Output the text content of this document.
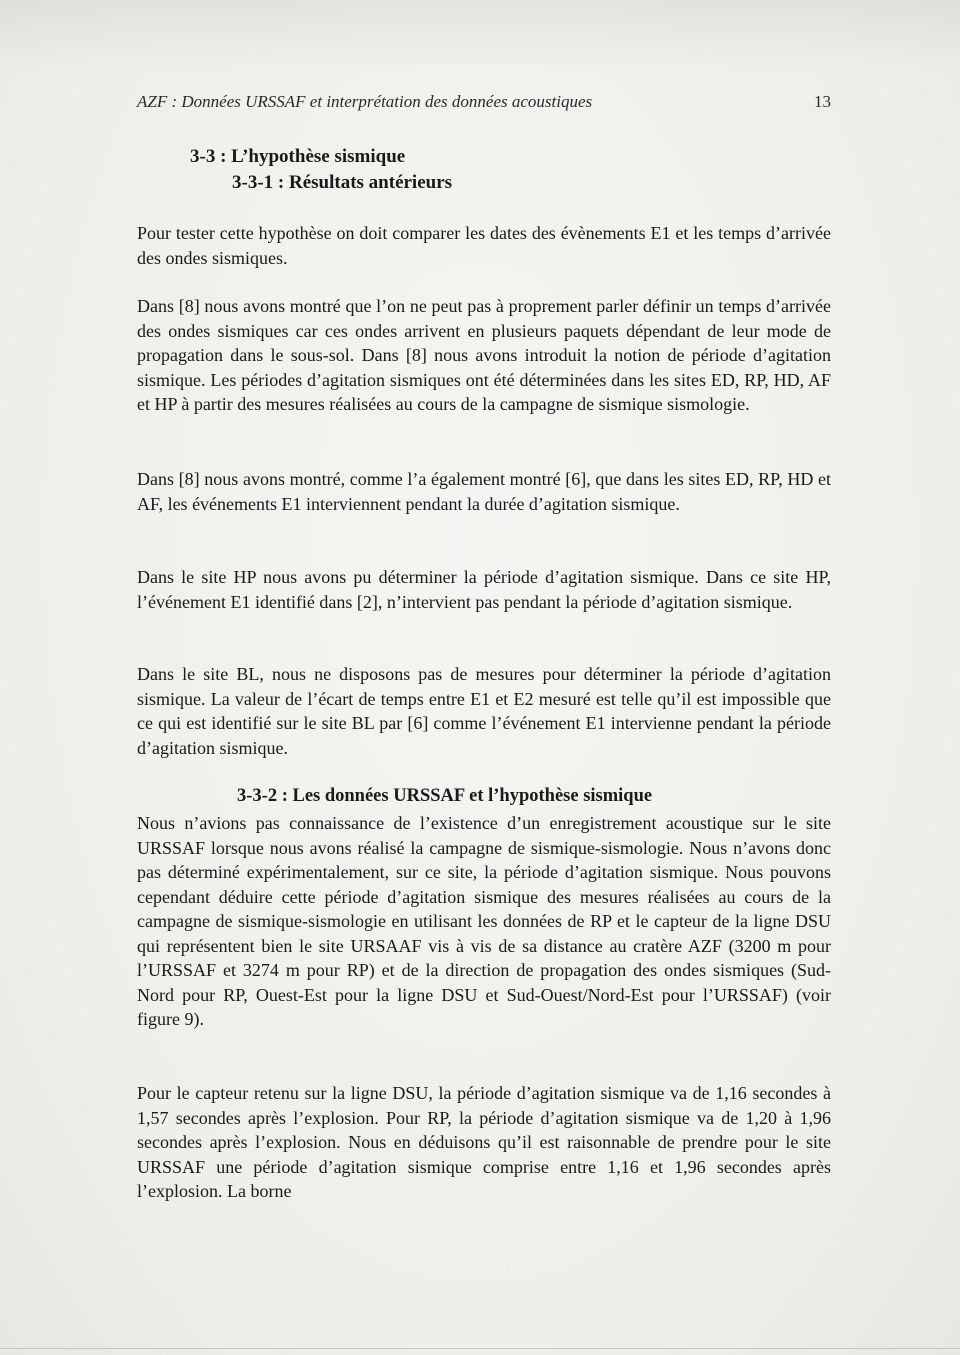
AZF : Données URSSAF et interprétation des données acoustiques	13
3-3 : L’hypothèse sismique
3-3-1 : Résultats antérieurs

Pour tester cette hypothèse on doit comparer les dates des évènements E1 et les temps d’arrivée des ondes sismiques.

Dans [8] nous avons montré que l’on ne peut pas à proprement parler définir un temps d’arrivée des ondes sismiques car ces ondes arrivent en plusieurs paquets dépendant de leur mode de propagation dans le sous-sol. Dans [8] nous avons introduit la notion de période d’agitation sismique. Les périodes d’agitation sismiques ont été déterminées dans les sites ED, RP, HD, AF et HP à partir des mesures réalisées au cours de la campagne de sismique sismologie.

Dans [8] nous avons montré, comme l’a également montré [6], que dans les sites ED, RP, HD et AF, les événements E1 interviennent pendant la durée d’agitation sismique.

Dans le site HP nous avons pu déterminer la période d’agitation sismique. Dans ce site HP, l’événement E1 identifié dans [2], n’intervient pas pendant la période d’agitation sismique.

Dans le site BL, nous ne disposons pas de mesures pour déterminer la période d’agitation sismique. La valeur de l’écart de temps entre E1 et E2 mesuré est telle qu’il est impossible que ce qui est identifié sur le site BL par [6] comme l’événement E1 intervienne pendant la période d’agitation sismique.

3-3-2 : Les données URSSAF et l’hypothèse sismique

Nous n’avions pas connaissance de l’existence d’un enregistrement acoustique sur le site URSSAF lorsque nous avons réalisé la campagne de sismique-sismologie. Nous n’avons donc pas déterminé expérimentalement, sur ce site, la période d’agitation sismique. Nous pouvons cependant déduire cette période d’agitation sismique des mesures réalisées au cours de la campagne de sismique-sismologie en utilisant les données de RP et le capteur de la ligne DSU qui représentent bien le site URSAAF vis à vis de sa distance au cratère AZF (3200 m pour l’URSSAF et 3274 m pour RP) et de la direction de propagation des ondes sismiques (Sud-Nord pour RP, Ouest-Est pour la ligne DSU et Sud-Ouest/Nord-Est pour l’URSSAF) (voir figure 9).

Pour le capteur retenu sur la ligne DSU, la période d’agitation sismique va de 1,16 secondes à 1,57 secondes après l’explosion. Pour RP, la période d’agitation sismique va de 1,20 à 1,96 secondes après l’explosion. Nous en déduisons qu’il est raisonnable de prendre pour le site URSSAF une période d’agitation sismique comprise entre 1,16 et 1,96 secondes après l’explosion. La borne
